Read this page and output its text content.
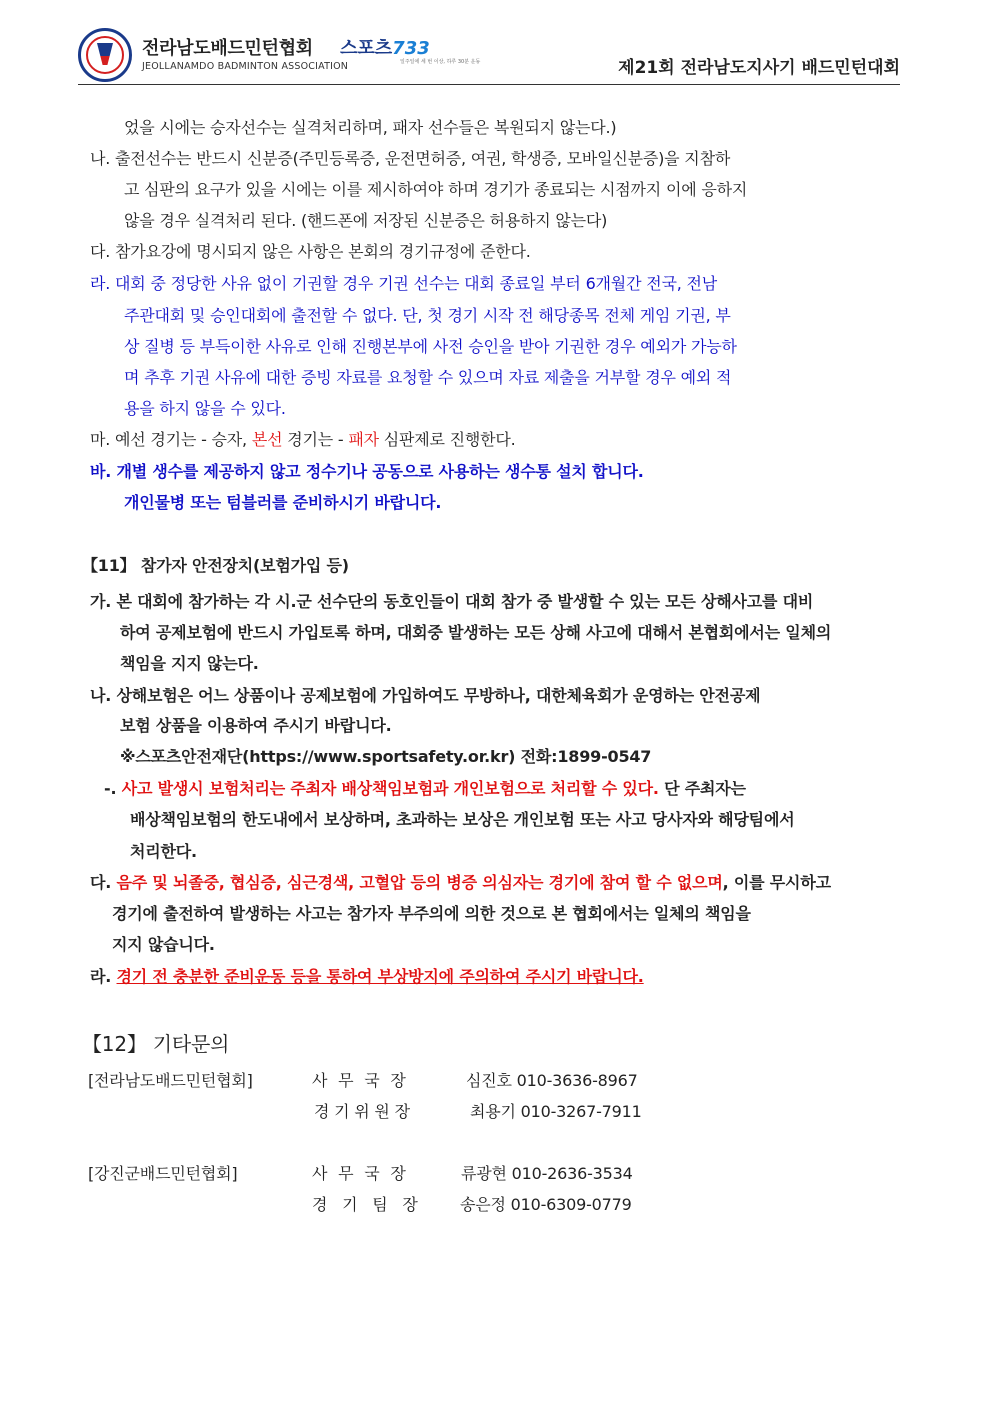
전라남도배드민턴협회
JEOLLANAMDO BADMINTON ASSOCIATION
스포츠733
일주일에 세 번 이상, 하루 30분 운동	제21회 전라남도지사기 배드민턴대회
었을 시에는 승자선수는 실격처리하며, 패자 선수들은 복원되지 않는다.)
나. 출전선수는 반드시 신분증(주민등록증, 운전면허증, 여권, 학생증, 모바일신분증)을 지참하
고 심판의 요구가 있을 시에는 이를 제시하여야 하며 경기가 종료되는 시점까지 이에 응하지
않을 경우 실격처리 된다. (핸드폰에 저장된 신분증은 허용하지 않는다)
다. 참가요강에 명시되지 않은 사항은 본회의 경기규정에 준한다.
라. 대회 중 정당한 사유 없이 기권할 경우 기권 선수는 대회 종료일 부터 6개월간 전국, 전남
주관대회 및 승인대회에 출전할 수 없다. 단, 첫 경기 시작 전 해당종목 전체 게임 기권, 부
상 질병 등 부득이한 사유로 인해 진행본부에 사전 승인을 받아 기권한 경우 예외가 가능하
며 추후 기권 사유에 대한 증빙 자료를 요청할 수 있으며 자료 제출을 거부할 경우 예외 적
용을 하지 않을 수 있다.
마. 예선 경기는 - 승자, 본선 경기는 - 패자 심판제로 진행한다.
바. 개별 생수를 제공하지 않고 정수기나 공동으로 사용하는 생수통 설치 합니다.
개인물병 또는 텀블러를 준비하시기 바랍니다.
【11】 참가자 안전장치(보험가입 등)
가. 본 대회에 참가하는 각 시.군 선수단의 동호인들이 대회 참가 중 발생할 수 있는 모든 상해사고를 대비
하여 공제보험에 반드시 가입토록 하며, 대회중 발생하는 모든 상해 사고에 대해서 본협회에서는 일체의
책임을 지지 않는다.
나. 상해보험은 어느 상품이나 공제보험에 가입하여도 무방하나, 대한체육회가 운영하는 안전공제
보험 상품을 이용하여 주시기 바랍니다.
※스포츠안전재단(https://www.sportsafety.or.kr) 전화:1899-0547
-. 사고 발생시 보험처리는 주최자 배상책임보험과 개인보험으로 처리할 수 있다. 단 주최자는
배상책임보험의 한도내에서 보상하며, 초과하는 보상은 개인보험 또는 사고 당사자와 해당팀에서
처리한다.
다. 음주 및 뇌졸중, 협심증, 심근경색, 고혈압 등의 병증 의심자는 경기에 참여 할 수 없으며, 이를 무시하고
경기에 출전하여 발생하는 사고는 참가자 부주의에 의한 것으로 본 협회에서는 일체의 책임을
지지 않습니다.
라. 경기 전 충분한 준비운동 등을 통하여 부상방지에 주의하여 주시기 바랍니다.
【12】 기타문의
[전라남도배드민턴협회]	사 무 국 장	심진호 010-3636-8967
경 기 위 원 장	최용기 010-3267-7911
[강진군배드민턴협회]	사 무 국 장	류광현 010-2636-3534
경 기 팀 장	송은정 010-6309-0779
